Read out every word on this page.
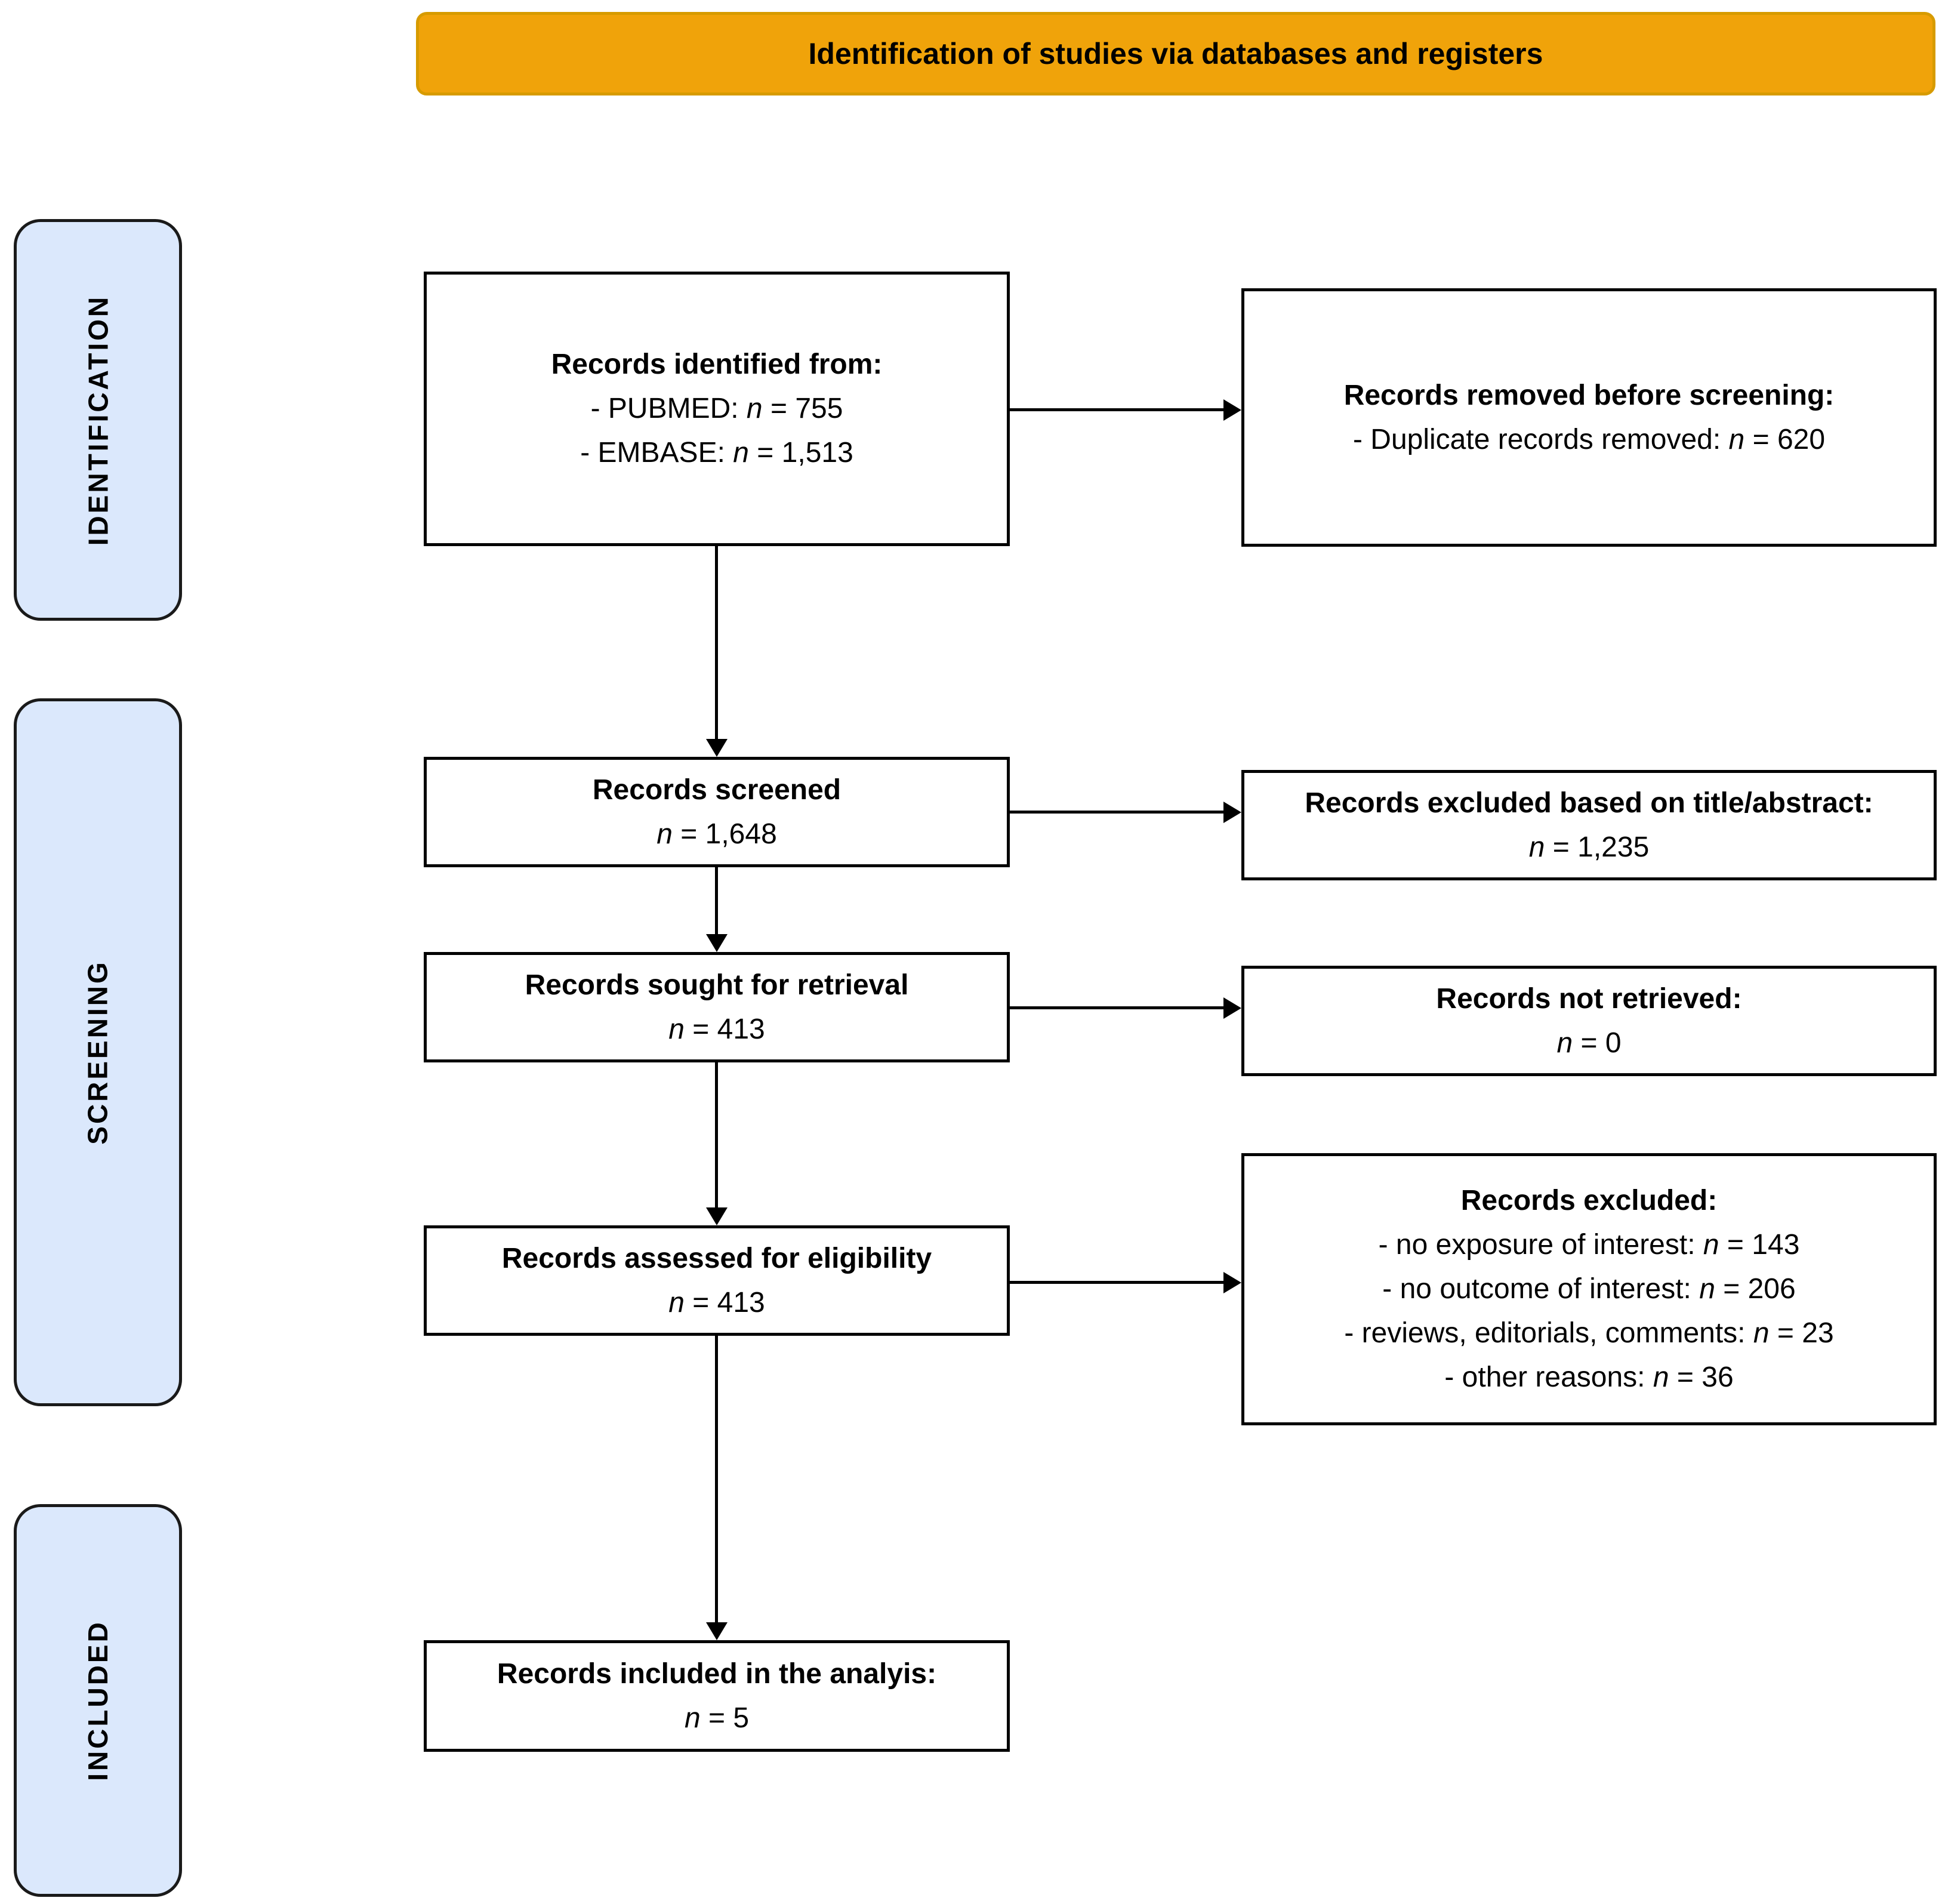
Identification of studies via databases and registers
IDENTIFICATION
SCREENING
INCLUDED
Records identified from:
- PUBMED: n = 755
- EMBASE: n = 1,513
Records screened
n = 1,648
Records sought for retrieval
n = 413
Records assessed for eligibility
n = 413
Records included in the analyis:
n = 5
Records removed before screening:
- Duplicate records removed: n = 620
Records excluded based on title/abstract:
n = 1,235
Records not retrieved:
n = 0
Records excluded:
- no exposure of interest: n = 143
- no outcome of interest: n = 206
- reviews, editorials, comments: n = 23
- other reasons: n = 36
